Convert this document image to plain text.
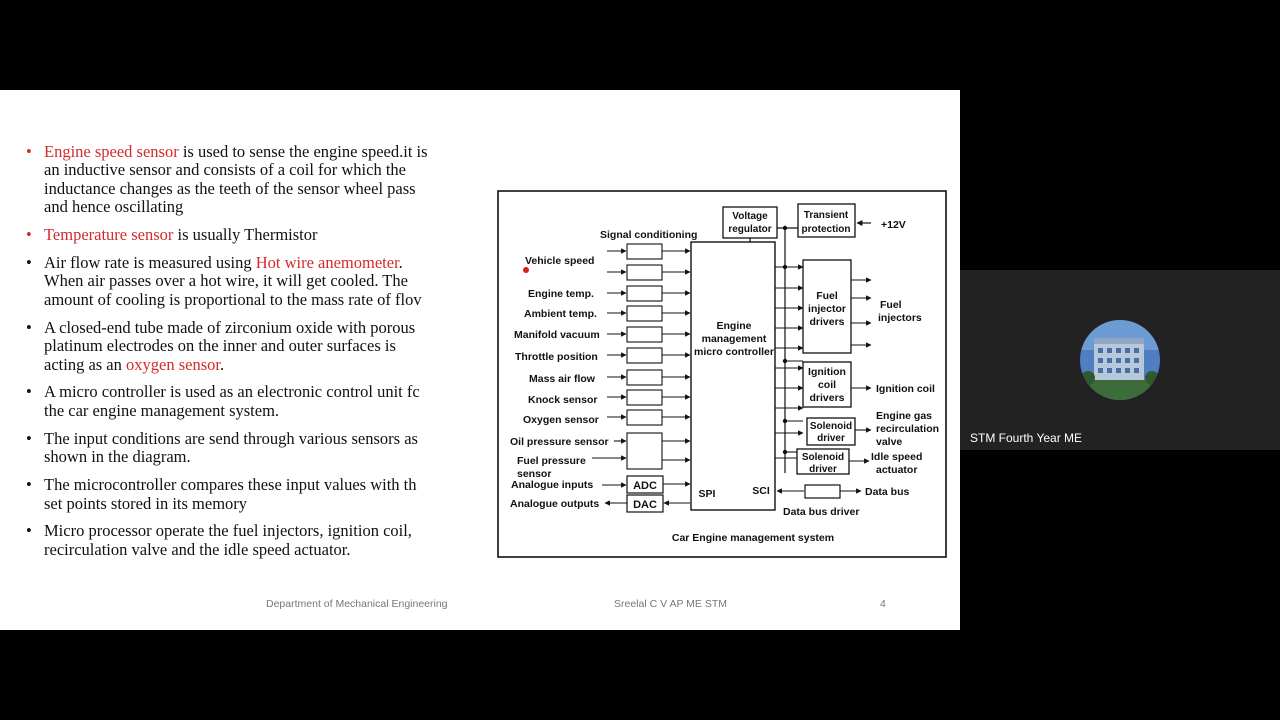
• Engine speed sensor is used to sense the engine speed.it is
an inductive sensor and consists of a coil for which the
inductance changes as the teeth of the sensor wheel pass
and hence oscillating
• Temperature sensor is usually Thermistor
• Air flow rate is measured using Hot wire anemometer.
When air passes over a hot wire, it will get cooled. The
amount of cooling is proportional to the mass rate of flov
• A closed-end tube made of zirconium oxide with porous
platinum electrodes on the inner and outer surfaces is
acting as an oxygen sensor.
• A micro controller is used as an electronic control unit fc
the car engine management system.
• The input conditions are send through various sensors as
shown in the diagram.
• The microcontroller compares these input values with th
set points stored in its memory
• Micro processor operate the fuel injectors, ignition coil,
recirculation valve and the idle speed actuator.
Signal conditioning
Voltage
regulator
Transient
protection	+12V
Engine
management
micro controller
Vehicle speed
Engine temp.
Ambient temp.
Manifold vacuum
Throttle position
Mass air flow
Knock sensor
Oxygen sensor
Oil pressure sensor
Fuel pressure
sensor
ADC
DAC
Analogue inputs
Analogue outputs
SPI	SCI
Fuel
injector
drivers
Fuel
injectors
Ignition
coil
drivers
Ignition coil
Solenoid
driver
Engine gas
recirculation
valve
Solenoid
driver
Idle speed
actuator
Data bus
Data bus driver
Car Engine management system
Department of Mechanical Engineering	Sreelal C V AP ME STM	4
STM Fourth Year ME
